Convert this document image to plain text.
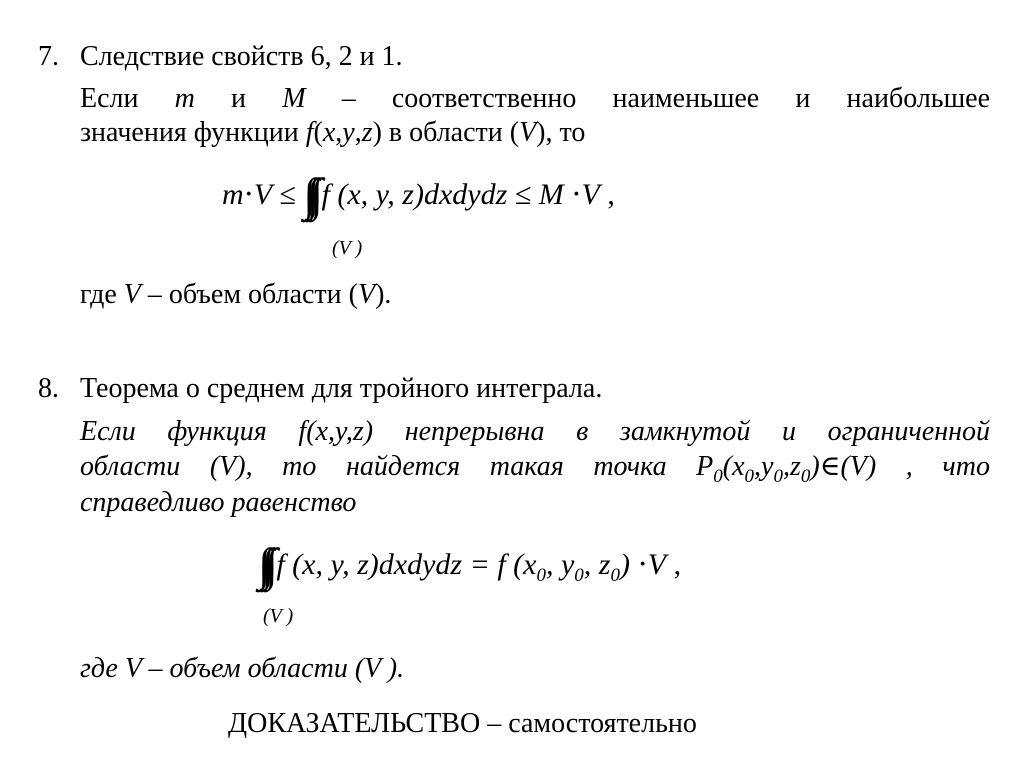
7. Следствие свойств 6, 2 и 1.
Если m и M – соответственно наименьшее и наибольшее
значения функции f(x,y,z) в области (V), то
m⋅V ≤ ∫∫∫ f (x, y, z)dxdydz ≤ M ⋅V ,
(V )
где V – объем области (V).
8. Теорема о среднем для тройного интеграла.
Если функция f(x,y,z) непрерывна в замкнутой и ограниченной
области (V), то найдется такая точка $P_0(x_0,y_0,z_0)\in(V)$ , что
справедливо равенство
∫∫∫ f (x, y, z)dxdydz = f ($x_0$, $y_0$, $z_0) \cdot V$ ,
(V )
где V – объем области (V ).
ДОКАЗАТЕЛЬСТВО – самостоятельно
